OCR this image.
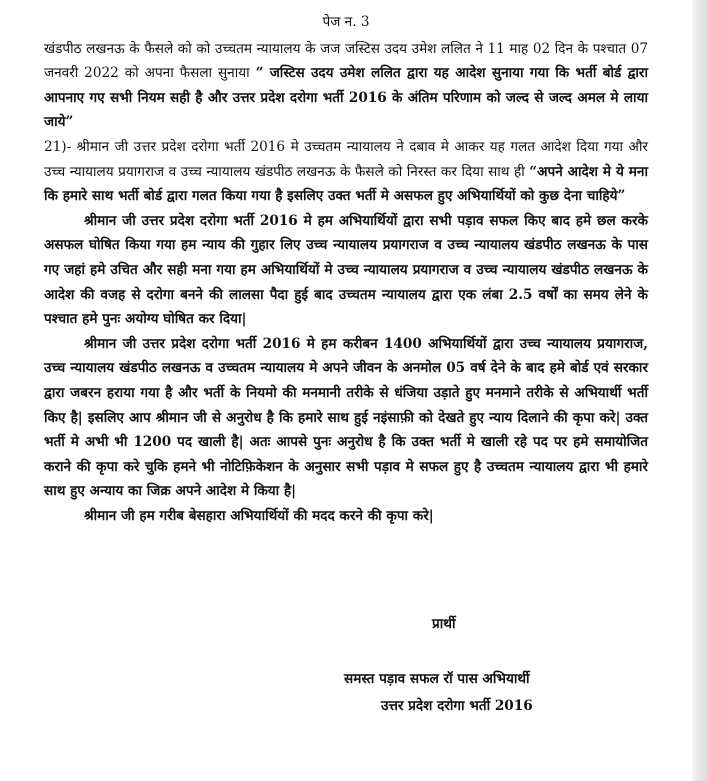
पेज न. 3

खंडपीठ लखनऊ के फैसले को को उच्चतम न्यायालय के जज जस्टिस उदय उमेश ललित ने 11 माह 02 दिन के पश्चात 07 जनवरी 2022 को अपना फैसला सुनाया “ जस्टिस उदय उमेश ललित द्वारा यह आदेश सुनाया गया कि भर्ती बोर्ड द्वारा आपनाए गए सभी नियम सही है और उत्तर प्रदेश दरोगा भर्ती 2016 के अंतिम परिणाम को जल्द से जल्द अमल मे लाया जाये”

21)- श्रीमान जी उत्तर प्रदेश दरोगा भर्ती 2016 मे उच्चतम न्यायालय ने दबाव मे आकर यह गलत आदेश दिया गया और उच्च न्यायालय प्रयागराज व उच्च न्यायालय खंडपीठ लखनऊ के फैसले को निरस्त कर दिया साथ ही “अपने आदेश मे ये मना कि हमारे साथ भर्ती बोर्ड द्वारा गलत किया गया है इसलिए उक्त भर्ती मे असफल हुए अभियार्थियों को कुछ देना चाहिये”

श्रीमान जी उत्तर प्रदेश दरोगा भर्ती 2016 मे हम अभियार्थियों द्वारा सभी पड़ाव सफल किए बाद हमे छल करके असफल घोषित किया गया हम न्याय की गुहार लिए उच्च न्यायालय प्रयागराज व उच्च न्यायालय खंडपीठ लखनऊ के पास गए जहां हमे उचित और सही मना गया हम अभियार्थियों मे उच्च न्यायालय प्रयागराज व उच्च न्यायालय खंडपीठ लखनऊ के आदेश की वजह से दरोगा बनने की लालसा पैदा हुई बाद उच्चतम न्यायालय द्वारा एक लंबा 2.5 वर्षों का समय लेने के पश्चात हमे पुनः अयोग्य घोषित कर दिया|

श्रीमान जी उत्तर प्रदेश दरोगा भर्ती 2016 मे हम करीबन 1400 अभियार्थियों द्वारा उच्च न्यायालय प्रयागराज, उच्च न्यायालय खंडपीठ लखनऊ व उच्चतम न्यायालय मे अपने जीवन के अनमोल 05 वर्ष देने के बाद हमे बोर्ड एवं सरकार द्वारा जबरन हराया गया है और भर्ती के नियमो की मनमानी तरीके से धंजिया उड़ाते हुए मनमाने तरीके से अभियार्थी भर्ती किए है| इसलिए आप श्रीमान जी से अनुरोध है कि हमारे साथ हुई नइंसाफ़ी को देखते हुए न्याय दिलाने की कृपा करे| उक्त भर्ती मे अभी भी 1200 पद खाली है| अतः आपसे पुनः अनुरोध है कि उक्त भर्ती मे खाली रहे पद पर हमे समायोजित कराने की कृपा करे चुकि हमने भी नोटिफ़िकेशन के अनुसार सभी पड़ाव मे सफल हुए है उच्चतम न्यायालय द्वारा भी हमारे साथ हुए अन्याय का जिक्र अपने आदेश मे किया है|

श्रीमान जी हम गरीब बेसहारा अभियार्थियों की मदद करने की कृपा करे|

प्रार्थी
समस्त पड़ाव सफल रॉ पास अभियार्थी
उत्तर प्रदेश दरोगा भर्ती 2016
